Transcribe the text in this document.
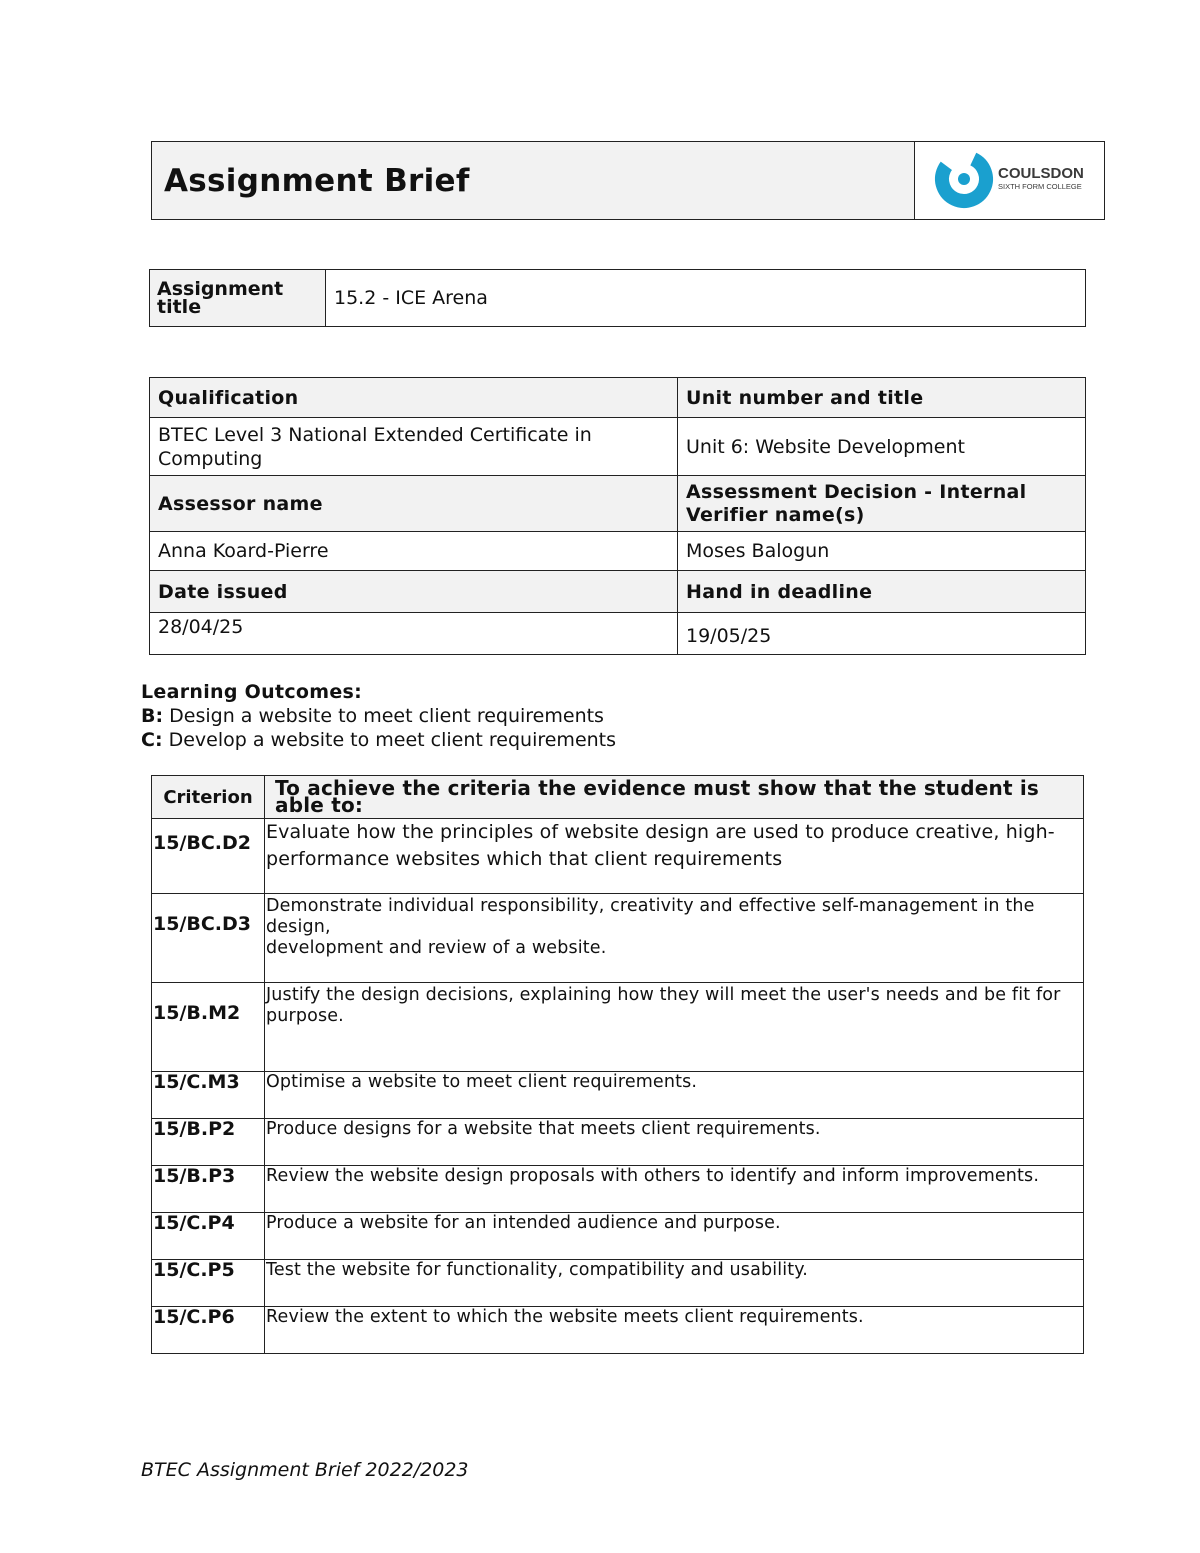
Assignment Brief	COULSDON
SIXTH FORM COLLEGE
Assignment title	15.2 - ICE Arena
Qualification	Unit number and title
BTEC Level 3 National Extended Certificate in Computing	Unit 6: Website Development
Assessor name	Assessment Decision - Internal Verifier name(s)
Anna Koard-Pierre	Moses Balogun
Date issued	Hand in deadline
28/04/25	19/05/25
Learning Outcomes:
B: Design a website to meet client requirements
C: Develop a website to meet client requirements
Criterion	To achieve the criteria the evidence must show that the student is able to:
15/BC.D2	Evaluate how the principles of website design are used to produce creative, high-performance websites which that client requirements
15/BC.D3	Demonstrate individual responsibility, creativity and effective self-management in the design,
development and review of a website.
15/B.M2	Justify the design decisions, explaining how they will meet the user's needs and be fit for
purpose.
15/C.M3	Optimise a website to meet client requirements.
15/B.P2	Produce designs for a website that meets client requirements.
15/B.P3	Review the website design proposals with others to identify and inform improvements.
15/C.P4	Produce a website for an intended audience and purpose.
15/C.P5	Test the website for functionality, compatibility and usability.
15/C.P6	Review the extent to which the website meets client requirements.
BTEC Assignment Brief 2022/2023
